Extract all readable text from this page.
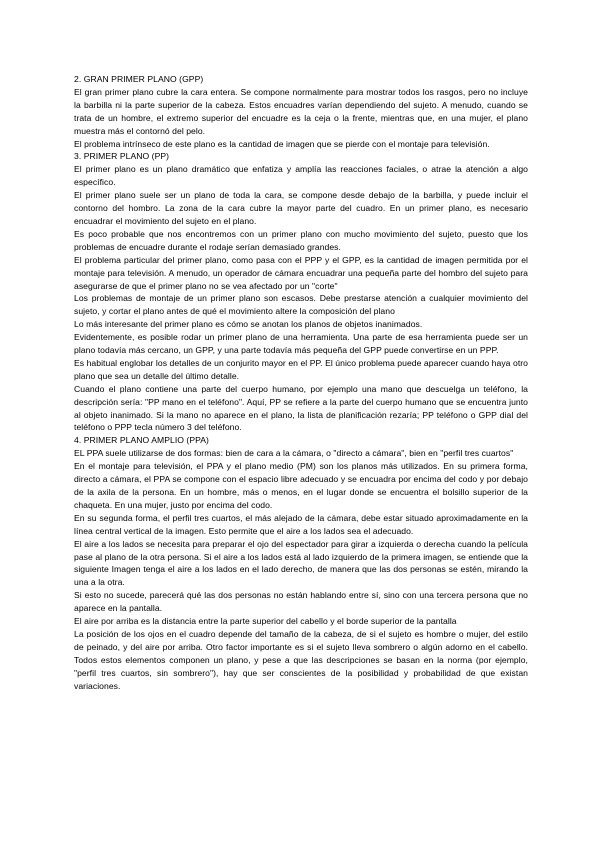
2. GRAN PRIMER PLANO (GPP)

El gran primer plano cubre la cara entera. Se compone normalmente para mostrar todos los rasgos, pero no incluye la barbilla ni la parte superior de la cabeza. Estos encuadres varían dependiendo del sujeto. A menudo, cuando se trata de un hombre, el extremo superior del encuadre es la ceja o la frente, mientras que, en una mujer, el plano muestra más el contornó del pelo.

El problema intrínseco de este plano es la cantidad de imagen que se pierde con el montaje para televisión.

3. PRIMER PLANO (PP)

El primer plano es un plano dramático que enfatiza y amplía las reacciones faciales, o atrae la atención a algo específico.

El primer plano suele ser un plano de toda la cara, se compone desde debajo de la barbilla, y puede incluir el contorno del hombro. La zona de la cara cubre la mayor parte del cuadro. En un primer plano, es necesario encuadrar el movimiento del sujeto en el plano.

Es poco probable que nos encontremos con un primer plano con mucho movimiento del sujeto, puesto que los problemas de encuadre durante el rodaje serían demasiado grandes.

El problema particular del primer plano, como pasa con el PPP y el GPP, es la cantidad de imagen permitida por el montaje para televisión. A menudo, un operador de cámara encuadrar una pequeña parte del hombro del sujeto para asegurarse de que el primer plano no se vea afectado por un "corte"

Los problemas de montaje de un primer plano son escasos. Debe prestarse atención a cualquier movimiento del sujeto, y cortar el plano antes de qué el movimiento altere la composición del plano

Lo más interesante del primer plano es cómo se anotan los planos de objetos inanimados.

Evidentemente, es posible rodar un primer plano de una herramienta. Una parte de esa herramienta puede ser un plano todavía más cercano, un GPP, y una parte todavía más pequeña del GPP puede convertirse en un PPP.

Es habitual englobar los detalles de un conjurito mayor en el PP. El único problema puede aparecer cuando haya otro plano que sea un detalle del último detalle.

Cuando el plano contiene una parte del cuerpo humano, por ejemplo una mano que descuelga un teléfono, la descripción sería: "PP mano en el teléfono". Aquí, PP se refiere a la parte del cuerpo humano que se encuentra junto al objeto inanimado. Si la mano no aparece en el plano, la lista de planificación rezaría; PP teléfono o GPP dial del teléfono o PPP tecla número 3 del teléfono.

4. PRIMER PLANO AMPLIO (PPA)

EL PPA suele utilizarse de dos formas: bien de cara a la cámara, o "directo a cámara", bien en "perfil tres cuartos"

En el montaje para televisión, el PPA y el plano medio (PM) son los planos más utilizados. En su primera forma, directo a cámara, el PPA se compone con el espacio libre adecuado y se encuadra por encima del codo y por debajo de la axila de la persona. En un hombre, más o menos, en el lugar donde se encuentra el bolsillo superior de la chaqueta. En una mujer, justo por encima del codo.

En su segunda forma, el perfil tres cuartos, el más alejado de la cámara, debe estar situado aproximadamente en la línea central vertical de la imagen. Esto permite que el aire a los lados sea el adecuado.

El aire a los lados se necesita para preparar el ojo del espectador para girar a izquierda o derecha cuando la película pase al plano de la otra persona. Si el aire a los lados está al lado izquierdo de la primera imagen, se entiende que la siguiente Imagen tenga el aire a los lados en el lado derecho, de manera que las dos personas se estén, mirando la una a la otra.

Si esto no sucede, parecerá qué las dos personas no están hablando entre sí, sino con una tercera persona que no aparece en la pantalla.

El aire por arriba es la distancia entre la parte superior del cabello y el borde superior de la pantalla

La posición de los ojos en el cuadro depende del tamaño de la cabeza, de si el sujeto es hombre o mujer, del estilo de peinado, y del aire por arriba. Otro factor importante es si el sujeto lleva sombrero o algún adorno en el cabello. Todos estos elementos componen un plano, y pese a que las descripciones se basan en la norma (por ejemplo, "perfil tres cuartos, sin sombrero"), hay que ser conscientes de la posibilidad y probabilidad de que existan variaciones.
